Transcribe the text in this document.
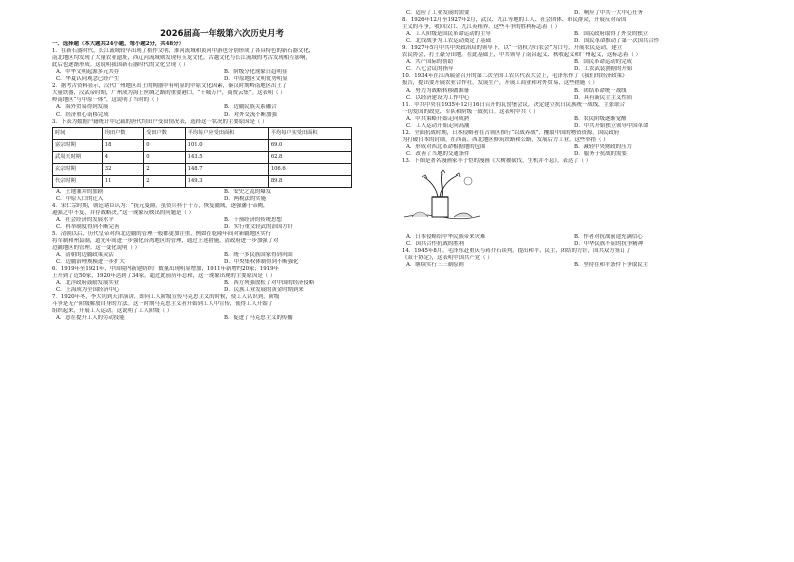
2026届高一年级第六次历史月考
一、选择题（本大题共24小题，每小题2分，共48分）
1．在新石器时代，长江流域较早出现了稻作文明，淮河流域和黄河中游也分别形成了各具特色的新石器文化，
南北地区均发现了大量农业遗址，西辽河流域则发现有玉龙文化。古越文化与长江流域的考古发现相互影响，
此后也逐渐形成。这说明我国新石器时代的文化呈现（ ）
A．中华文明起源多元共存	B．阶级分化现象日趋明显
C．华夏认同观念已经产生	D．中原地区文明优势明显
2．据考古资料显示，汉代广州地区出土的陶器中有明显的中原文化因素，秦汉时期岭南地区出土了
大量铁器，汉武帝时期，广州成为海上丝绸之路的重要港口，“千城万户，商贾云集”。这表明（ ）
岭南地区“与中原一体”，这说明了当时的（ ）
A．海外贸易得到发展	B．边疆民族关系融合
C．经济重心南移完成	D．对外交流不断加强
3．下表为数据户籍统计中记载的唐代均田户受田情况表，选择这一状况的主要原因是（ ）
时间	均田户数	受田户数	平均每户应受田面积	平均每户实受田面积
富宗时期	18	0	101.0	69.0
武周天时期	4	0	143.5	62.8
玄宗时期	32	2	148.7	106.6
代宗时期	11	2	149.3	89.8
A．土地兼并的加剧	B．安史之乱的爆发
C．中原人口的迁入	D．两税法的实施
4．宋仁宗时期，朝廷诸臣认为：“抚元曼爵，虽资兵科于十万，恢复疆域，逐强藩于帝阙，
遏强之中不复，并存战略决。”这一现象反映出的问题是（ ）
A．社会经济的发展水平	B．干预经济的传统思想
C．科举制度得到不断完善	D．实行重文轻武的治国方针
5．清朝以后，历代皇帝对西北边疆的管理一般都更加注重，例如在乾隆年间对新疆地区实行
将军制和州县制，道光年间进一步强化台湾地区的管理，通过上述措施，清政府进一步加强了对
边疆地区的管理。这一变化说明（ ）
A．清朝的边疆政策灵活	B．统一多民族国家得到巩固
C．边疆治理规模进一步扩大	D．中央集权体制得到不断强化
6．1919年至1921年，中国境内新建纺织厂数量出现明显增加，1911年新增约20家；1919年
上升到了近50家，1920年达到了34家，超过此前历年总和，这一现象出现的主要原因是（ ）
A．北洋政府鼓励发展实业	B．西方列强放松了对中国的经济侵略
C．上海成为全国经济中心	D．民族工业发展的黄金时期到来
7．1920年冬，李大钊到天津演讲，即向工人阶级宣传马克思主义的时候，使工人认识到，阶级
斗争是无产阶级解放自身的方法。这一时期马克思主义者开始到工人中宣传，使得工人开始了
组织起来，开展工人运动。这说明了工人阶级（ ）
A．意在提升工人的劳动技能	B．促进了马克思主义的传播
C．适应了工业发展的需要	D．响应了中共一大中心任务
8．1926年12月至1927年2月，武汉、九江等地的工人、社会团体、市民群众，开展反对帝国
主义的斗争，收回汉口、九江英租界。这些斗争的胜利标志着（ ）
A．工人阶级是国民革命运动的主导	B．国民政府取得了外交的独立
C．北伐战争为工农运动奠定了基础	D．国民革命推动了第一次国共合作
9．1927年5月中共中央政治局的领导下，以“一切权力归农会”为口号，开展农民运动，建立
农民协会，打土豪分田地。在此基础上，中共领导了南昌起义、秋收起义和广州起义，这标志着（ ）
A．共产国际的帮助	B．国民革命运动的完成
C．八七会议的指导	D．工农武装割据的开始
10．1934年在江西瑞金召开的第二次全国工农兵代表大会上，毛泽东作了《我们的经济政策》
报告，提出要开展农业合作社，发展生产，开展工商业和对外贸易，这些措施（ ）
A．努力为战略转移做准备	B．团结革命统一战线
C．以经济建设为工作中心	D．具有新民主主义性质
11．中共中央在1935年12月16日召开的瓦窑堡会议，决定建立抗日民族统一战线，主张联合
一切爱国的政党、军队和阶级一致抗日。这表明中共（ ）
A．中共策略开始走向成熟	B．农民阶级逐渐觉醒
C．工人运动开始走向高潮	D．中共开始独立领导中国革命
12．全面抗战时期，日本侵略者在占领区推行“以战养战”，攫取中国的物资资源，国民政府
为打破日本的封锁，在西南、西北地区修筑铁路和公路，发展后方工业，这些举措（ ）
A．形成对西北革命根据地的包围	B．减轻中央财政的压力
C．改善了当地的交通条件	D．服务于抗战的需要
13．下图是著名漫画家丰子恺的漫画《大树被砍伐，生机并不息》，表达了（ ）
A．日本侵略给中华民族带来灾难	B．作者对抗战前途充满信心
C．国共合作抗战的胜利	D．中华民族不屈的抗争精神
14．1945年8月，毛泽东赴重庆与蒋介石谈判，提出和平、民主、团结的方针，国共双方签订了
《双十协定》，这表明中国共产党（ ）
A．继续实行三三制原则	B．坚持在和平条件下争取民主
